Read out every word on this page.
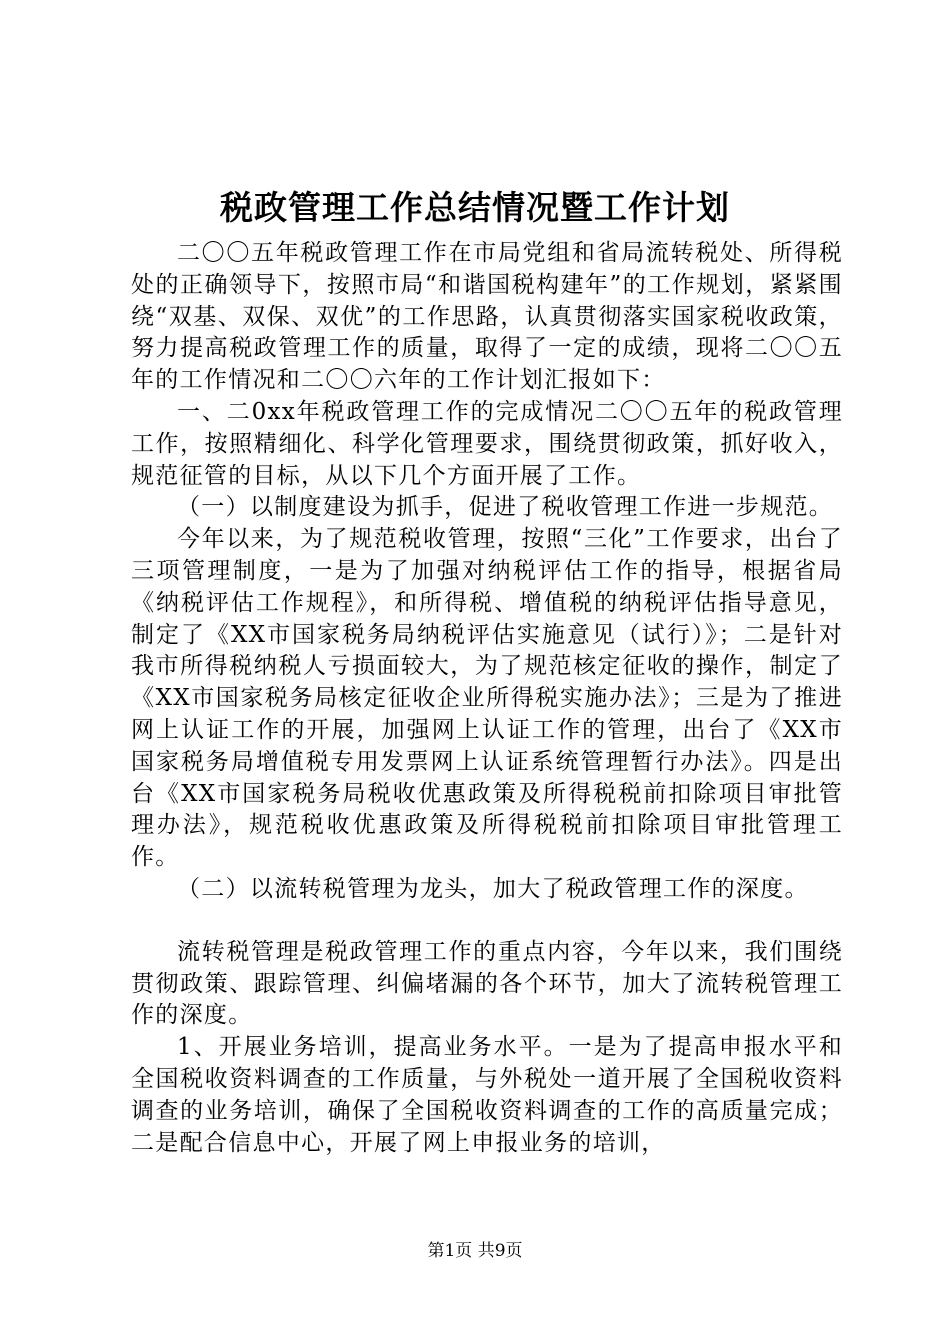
税政管理工作总结情况暨工作计划

二〇〇五年税政管理工作在市局党组和省局流转税处、所得税处的正确领导下，按照市局“和谐国税构建年”的工作规划，紧紧围绕“双基、双保、双优”的工作思路，认真贯彻落实国家税收政策，努力提高税政管理工作的质量，取得了一定的成绩，现将二〇〇五年的工作情况和二〇〇六年的工作计划汇报如下：

一、二0xx年税政管理工作的完成情况二〇〇五年的税政管理工作，按照精细化、科学化管理要求，围绕贯彻政策，抓好收入，规范征管的目标，从以下几个方面开展了工作。

（一）以制度建设为抓手，促进了税收管理工作进一步规范。

今年以来，为了规范税收管理，按照“三化”工作要求，出台了三项管理制度，一是为了加强对纳税评估工作的指导，根据省局《纳税评估工作规程》，和所得税、增值税的纳税评估指导意见，制定了《XX市国家税务局纳税评估实施意见（试行）》；二是针对我市所得税纳税人亏损面较大，为了规范核定征收的操作，制定了《XX市国家税务局核定征收企业所得税实施办法》；三是为了推进网上认证工作的开展，加强网上认证工作的管理，出台了《XX市国家税务局增值税专用发票网上认证系统管理暂行办法》。四是出台《XX市国家税务局税收优惠政策及所得税税前扣除项目审批管理办法》，规范税收优惠政策及所得税税前扣除项目审批管理工作。

（二）以流转税管理为龙头，加大了税政管理工作的深度。

流转税管理是税政管理工作的重点内容，今年以来，我们围绕贯彻政策、跟踪管理、纠偏堵漏的各个环节，加大了流转税管理工作的深度。

1、开展业务培训，提高业务水平。一是为了提高申报水平和全国税收资料调查的工作质量，与外税处一道开展了全国税收资料调查的业务培训，确保了全国税收资料调查的工作的高质量完成；二是配合信息中心，开展了网上申报业务的培训，

第1页 共9页
